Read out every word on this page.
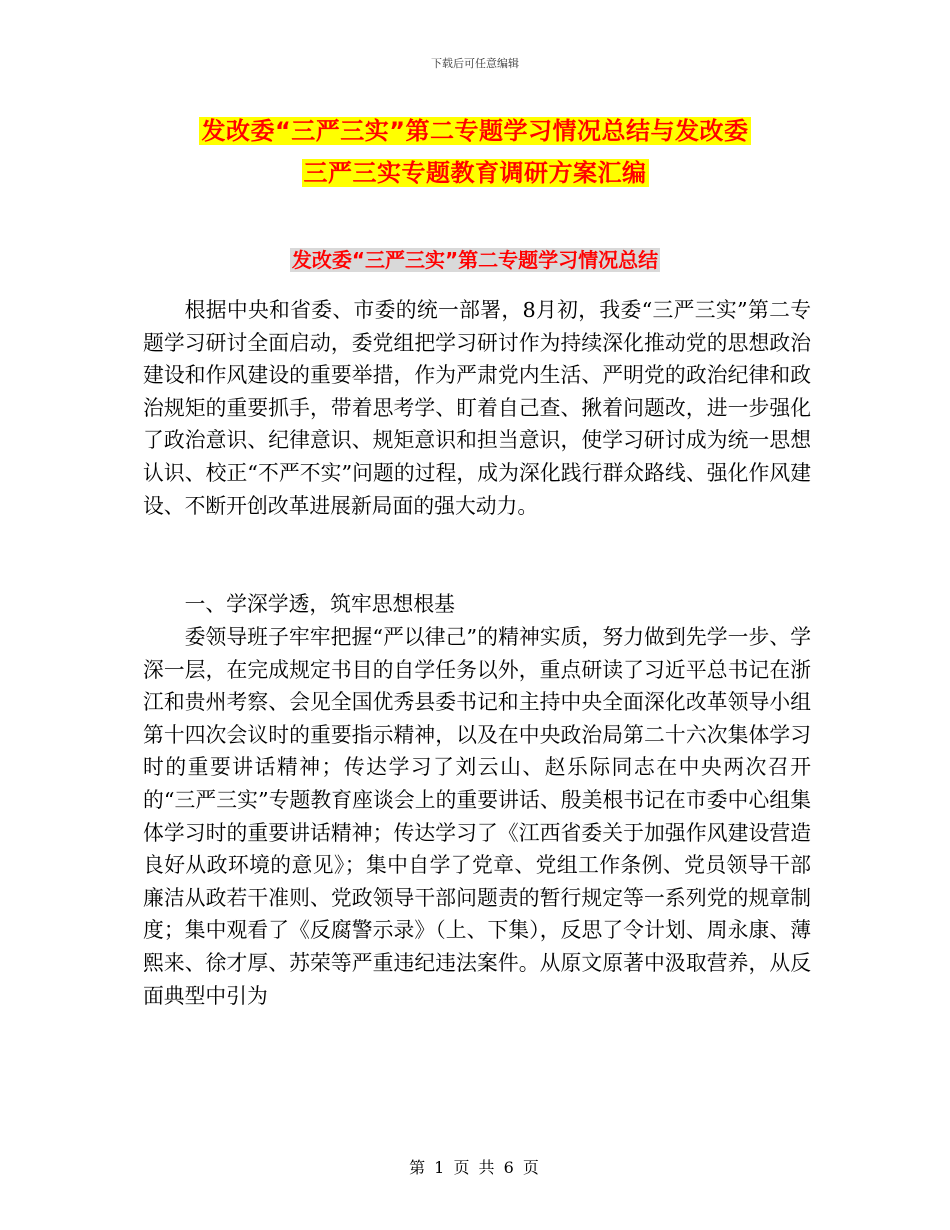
下载后可任意编辑
发改委“三严三实”第二专题学习情况总结与发改委
三严三实专题教育调研方案汇编
发改委“三严三实”第二专题学习情况总结

根据中央和省委、市委的统一部署，8月初，我委“三严三实”第二专题学习研讨全面启动，委党组把学习研讨作为持续深化推动党的思想政治建设和作风建设的重要举措，作为严肃党内生活、严明党的政治纪律和政治规矩的重要抓手，带着思考学、盯着自己查、揪着问题改，进一步强化了政治意识、纪律意识、规矩意识和担当意识，使学习研讨成为统一思想认识、校正“不严不实”问题的过程，成为深化践行群众路线、强化作风建设、不断开创改革进展新局面的强大动力。

一、学深学透，筑牢思想根基

委领导班子牢牢把握“严以律己”的精神实质，努力做到先学一步、学深一层，在完成规定书目的自学任务以外，重点研读了习近平总书记在浙江和贵州考察、会见全国优秀县委书记和主持中央全面深化改革领导小组第十四次会议时的重要指示精神，以及在中央政治局第二十六次集体学习时的重要讲话精神；传达学习了刘云山、赵乐际同志在中央两次召开的“三严三实”专题教育座谈会上的重要讲话、殷美根书记在市委中心组集体学习时的重要讲话精神；传达学习了《江西省委关于加强作风建设营造良好从政环境的意见》；集中自学了党章、党组工作条例、党员领导干部廉洁从政若干准则、党政领导干部问题责的暂行规定等一系列党的规章制度；集中观看了《反腐警示录》（上、下集），反思了令计划、周永康、薄熙来、徐才厚、苏荣等严重违纪违法案件。从原文原著中汲取营养，从反面典型中引为

第 1 页 共 6 页
